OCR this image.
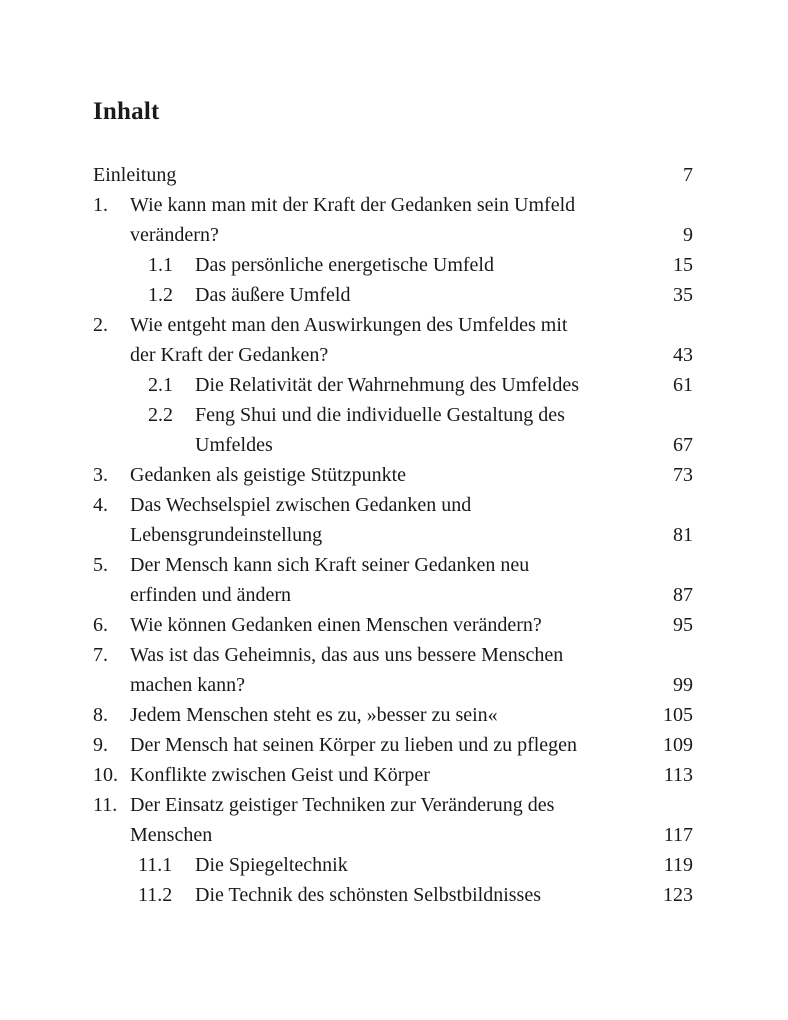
Inhalt
Einleitung	7
1. Wie kann man mit der Kraft der Gedanken sein Umfeld
verändern?	9
1.1 Das persönliche energetische Umfeld	15
1.2 Das äußere Umfeld	35
2. Wie entgeht man den Auswirkungen des Umfeldes mit
der Kraft der Gedanken?	43
2.1 Die Relativität der Wahrnehmung des Umfeldes	61
2.2 Feng Shui und die individuelle Gestaltung des
Umfeldes	67
3. Gedanken als geistige Stützpunkte	73
4. Das Wechselspiel zwischen Gedanken und
Lebensgrundeinstellung	81
5. Der Mensch kann sich Kraft seiner Gedanken neu
erfinden und ändern	87
6. Wie können Gedanken einen Menschen verändern?	95
7. Was ist das Geheimnis, das aus uns bessere Menschen
machen kann?	99
8. Jedem Menschen steht es zu, »besser zu sein«	105
9. Der Mensch hat seinen Körper zu lieben und zu pflegen	109
10. Konflikte zwischen Geist und Körper	113
11. Der Einsatz geistiger Techniken zur Veränderung des
Menschen	117
11.1 Die Spiegeltechnik	119
11.2 Die Technik des schönsten Selbstbildnisses	123
